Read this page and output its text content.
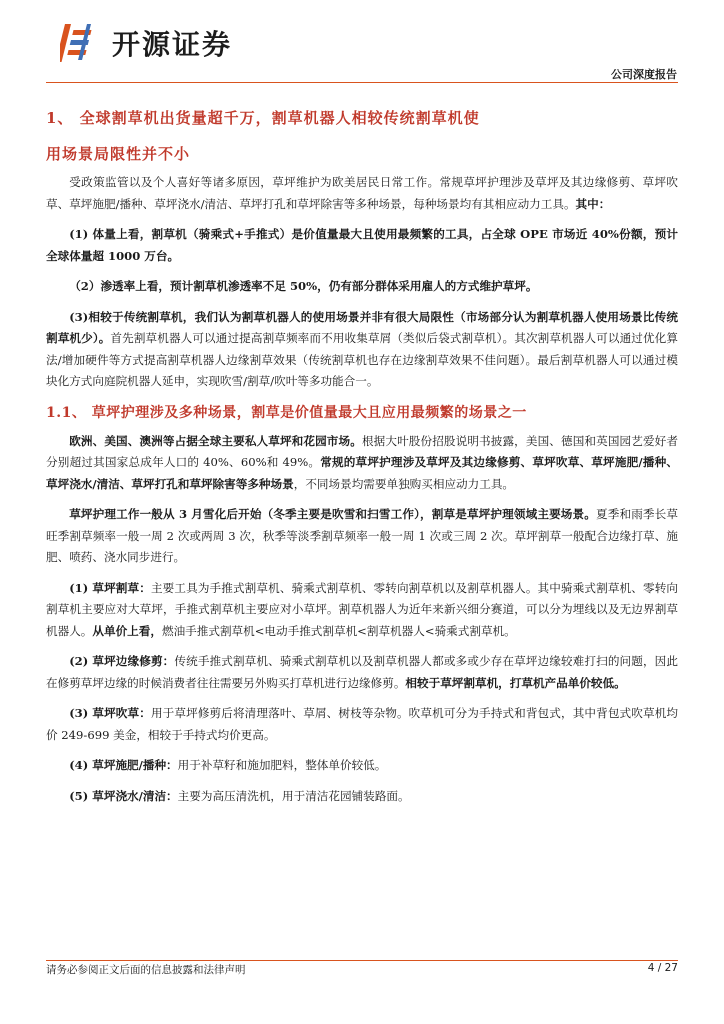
开源证券
公司深度报告
1、 全球割草机出货量超千万，割草机器人相较传统割草机使
用场景局限性并不小

受政策监管以及个人喜好等诸多原因，草坪维护为欧美居民日常工作。常规草坪护理涉及草坪及其边缘修剪、草坪吹草、草坪施肥/播种、草坪浇水/清洁、草坪打孔和草坪除害等多种场景，每种场景均有其相应动力工具。其中：

(1) 体量上看，割草机（骑乘式+手推式）是价值量最大且使用最频繁的工具，占全球 OPE 市场近 40%份额，预计全球体量超 1000 万台。

（2）渗透率上看，预计割草机渗透率不足 50%，仍有部分群体采用雇人的方式维护草坪。

(3)相较于传统割草机，我们认为割草机器人的使用场景并非有很大局限性（市场部分认为割草机器人使用场景比传统割草机少）。首先割草机器人可以通过提高割草频率而不用收集草屑（类似后袋式割草机）。其次割草机器人可以通过优化算法/增加硬件等方式提高割草机器人边缘割草效果（传统割草机也存在边缘割草效果不佳问题）。最后割草机器人可以通过模块化方式向庭院机器人延申，实现吹雪/割草/吹叶等多功能合一。

1.1、 草坪护理涉及多种场景，割草是价值量最大且应用最频繁的场景之一

欧洲、美国、澳洲等占据全球主要私人草坪和花园市场。根据大叶股份招股说明书披露，美国、德国和英国园艺爱好者分别超过其国家总成年人口的 40%、60%和 49%。常规的草坪护理涉及草坪及其边缘修剪、草坪吹草、草坪施肥/播种、草坪浇水/清洁、草坪打孔和草坪除害等多种场景，不同场景均需要单独购买相应动力工具。

草坪护理工作一般从 3 月雪化后开始（冬季主要是吹雪和扫雪工作），割草是草坪护理领域主要场景。夏季和雨季长草旺季割草频率一般一周 2 次或两周 3 次，秋季等淡季割草频率一般一周 1 次或三周 2 次。草坪割草一般配合边缘打草、施肥、喷药、浇水同步进行。

(1) 草坪割草：主要工具为手推式割草机、骑乘式割草机、零转向割草机以及割草机器人。其中骑乘式割草机、零转向割草机主要应对大草坪，手推式割草机主要应对小草坪。割草机器人为近年来新兴细分赛道，可以分为埋线以及无边界割草机器人。从单价上看，燃油手推式割草机<电动手推式割草机<割草机器人<骑乘式割草机。

(2) 草坪边缘修剪：传统手推式割草机、骑乘式割草机以及割草机器人都或多或少存在草坪边缘较难打扫的问题，因此在修剪草坪边缘的时候消费者往往需要另外购买打草机进行边缘修剪。相较于草坪割草机，打草机产品单价较低。

(3) 草坪吹草：用于草坪修剪后将清理落叶、草屑、树枝等杂物。吹草机可分为手持式和背包式，其中背包式吹草机均价 249-699 美金，相较于手持式均价更高。

(4) 草坪施肥/播种：用于补草籽和施加肥料，整体单价较低。

(5) 草坪浇水/清洁：主要为高压清洗机，用于清洁花园铺装路面。

请务必参阅正文后面的信息披露和法律声明	4 / 27
